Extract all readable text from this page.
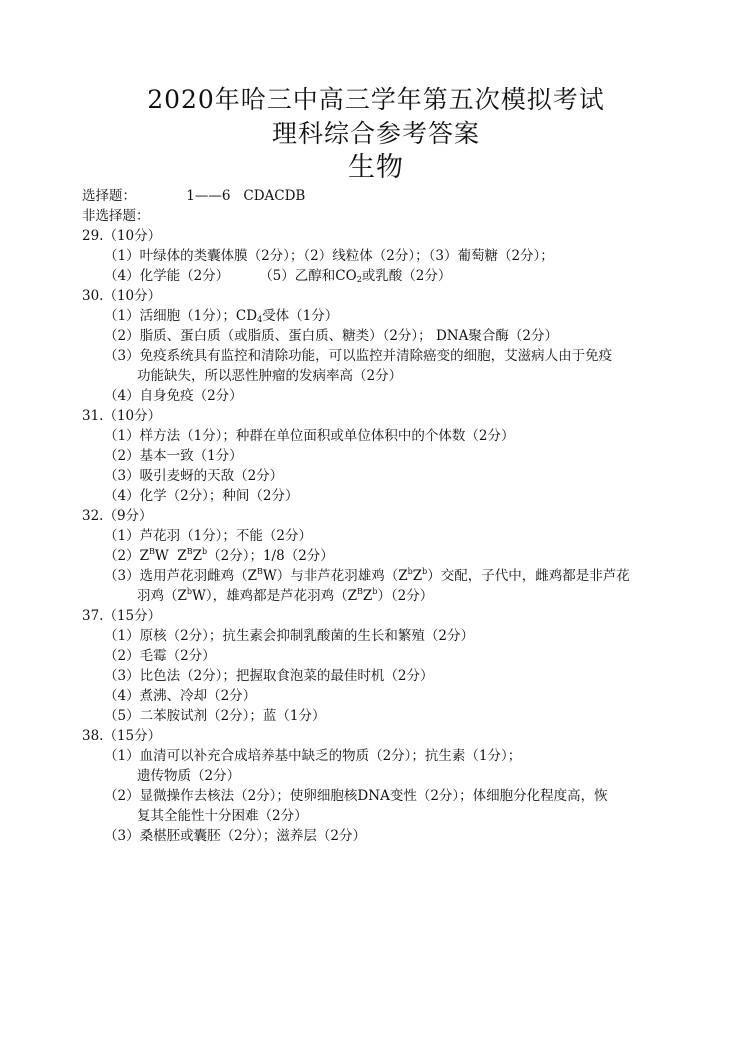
2020年哈三中高三学年第五次模拟考试
理科综合参考答案
生物
选择题：	1——6 CDACDB
非选择题：
29.（10分）
（1）叶绿体的类囊体膜（2分）；（2）线粒体（2分）；（3）葡萄糖（2分）；
（4）化学能（2分） （5）乙醇和$CO_2$或乳酸（2分）
30.（10分）
（1）活细胞（1分）；$CD_4$受体（1分）
（2）脂质、蛋白质（或脂质、蛋白质、糖类）（2分）； DNA聚合酶（2分）
（3）免疫系统具有监控和清除功能，可以监控并清除癌变的细胞，艾滋病人由于免疫
功能缺失，所以恶性肿瘤的发病率高（2分）
（4）自身免疫（2分）
31.（10分）
（1）样方法（1分）；种群在单位面积或单位体积中的个体数（2分）
（2）基本一致（1分）
（3）吸引麦蚜的天敌（2分）
（4）化学（2分）；种间（2分）
32.（9分）
（1）芦花羽（1分）；不能（2分）
$(2)Z^BW$  $Z^BZ^b(2$分）；1/8（2分）
（3）选用芦花羽雌鸡$(Z^BW)$与非芦花羽雄鸡$(Z^bZ^b)$交配，子代中，雌鸡都是非芦花
羽鸡$(Z^bW)$，雄鸡都是芦花羽鸡$(Z^BZ^b)(2$分）
37.（15分）
（1）原核（2分）；抗生素会抑制乳酸菌的生长和繁殖（2分）
（2）毛霉（2分）
（3）比色法（2分）；把握取食泡菜的最佳时机（2分）
（4）煮沸、冷却（2分）
（5）二苯胺试剂（2分）；蓝（1分）
38.（15分）
（1）血清可以补充合成培养基中缺乏的物质（2分）；抗生素（1分）；
遗传物质（2分）
（2）显微操作去核法（2分）；使卵细胞核DNA变性（2分）；体细胞分化程度高，恢
复其全能性十分困难（2分）
（3）桑椹胚或囊胚（2分）；滋养层（2分）
